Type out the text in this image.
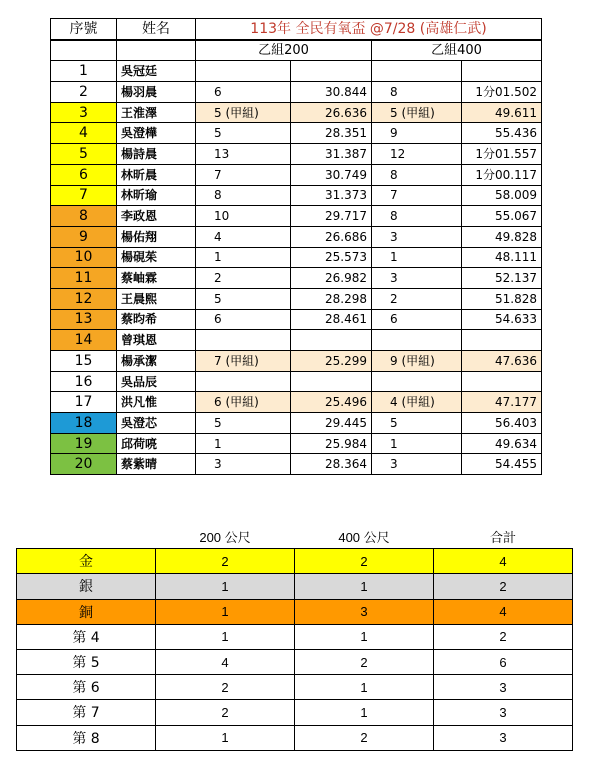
序號	姓名	113年 全民有氧盃 @7/28 (高雄仁武)			
		乙組200		乙組400	
1	吳冠廷				
2	楊羽晨	6	30.844	8	1分01.502
3	王淮澤	5 (甲組)	26.636	5 (甲組)	49.611
4	吳澄樺	5	28.351	9	55.436
5	楊詩晨	13	31.387	12	1分01.557
6	林昕晨	7	30.749	8	1分00.117
7	林昕瑜	8	31.373	7	58.009
8	李政恩	10	29.717	8	55.067
9	楊佑翔	4	26.686	3	49.828
10	楊硯茱	1	25.573	1	48.111
11	蔡岫霖	2	26.982	3	52.137
12	王晨熙	5	28.298	2	51.828
13	蔡昀希	6	28.461	6	54.633
14	曾琪恩				
15	楊承潔	7 (甲組)	25.299	9 (甲組)	47.636
16	吳品辰				
17	洪凡惟	6 (甲組)	25.496	4 (甲組)	47.177
18	吳澄芯	5	29.445	5	56.403
19	邱荷喨	1	25.984	1	49.634
20	蔡紫晴	3	28.364	3	54.455
	200 公尺	400 公尺	合計
金	2	2	4
銀	1	1	2
銅	1	3	4
第 4	1	1	2
第 5	4	2	6
第 6	2	1	3
第 7	2	1	3
第 8	1	2	3
